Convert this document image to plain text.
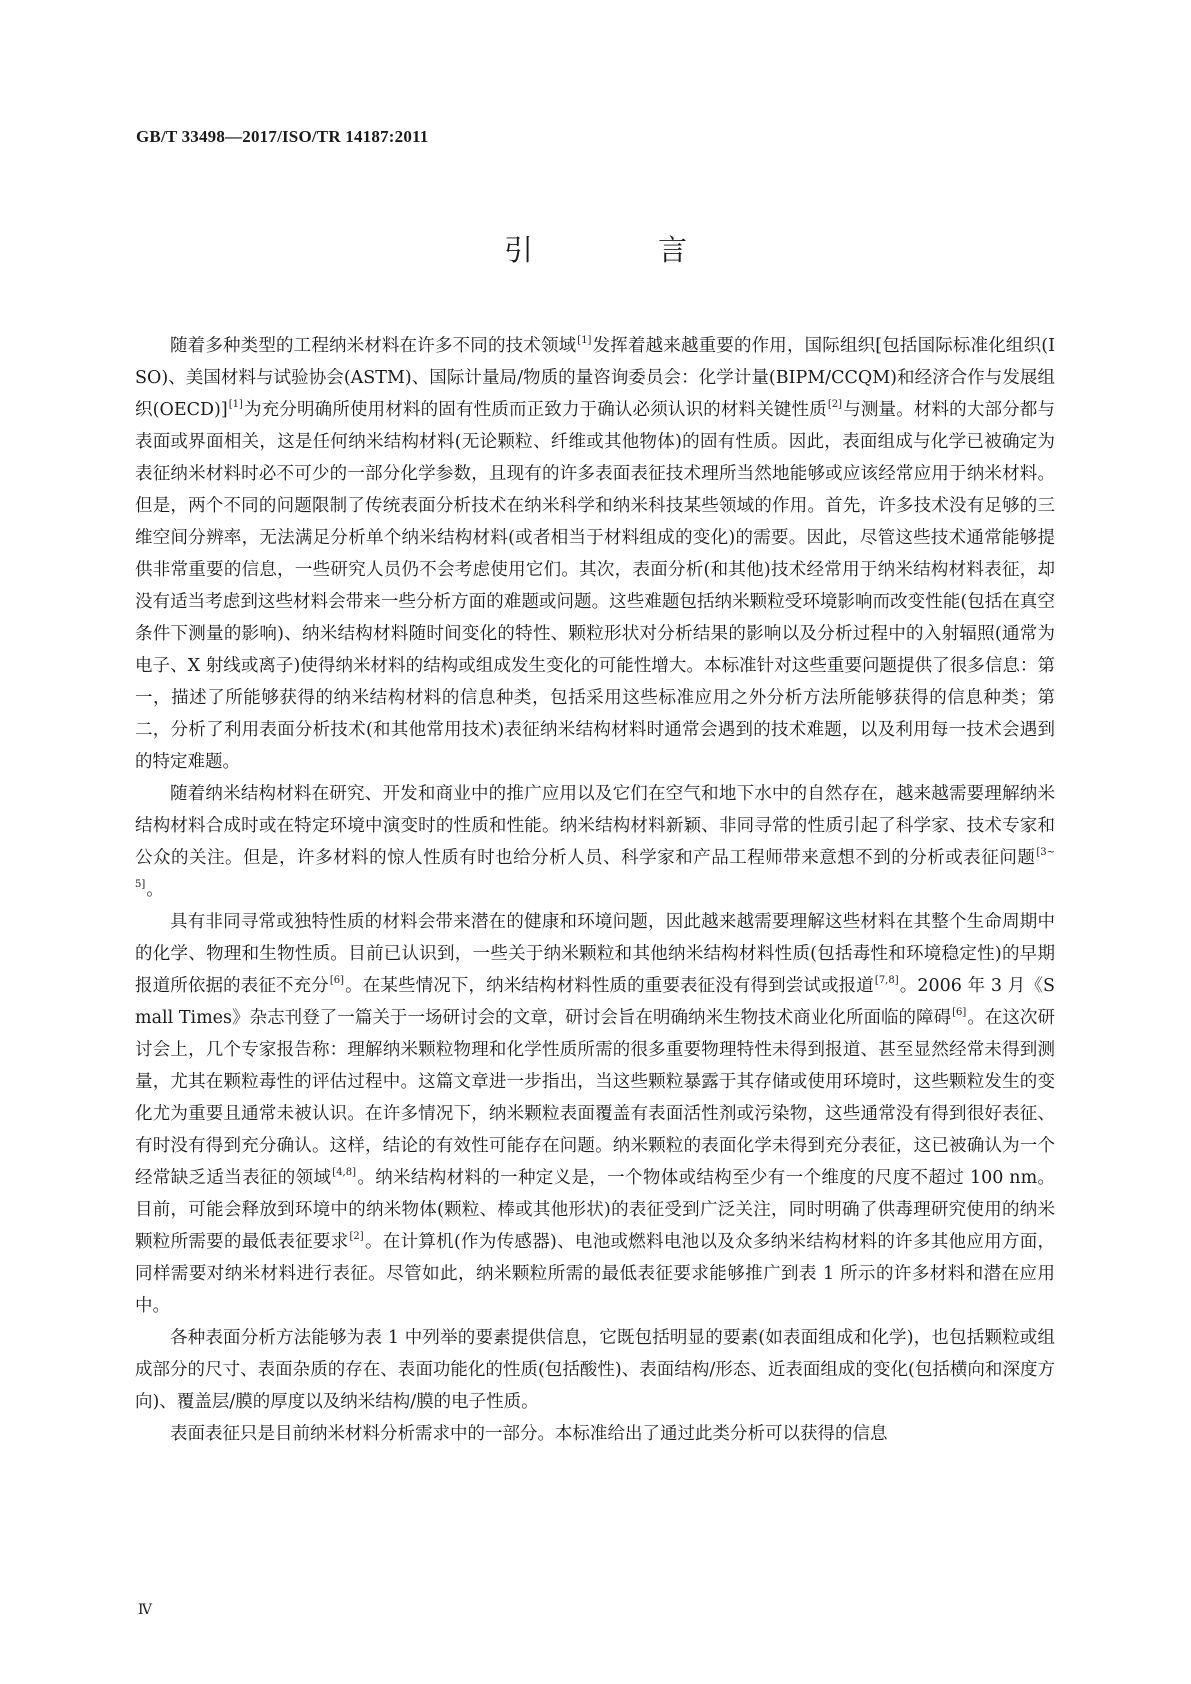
GB/T 33498—2017/ISO/TR 14187:2011
引　言

随着多种类型的工程纳米材料在许多不同的技术领域[1]发挥着越来越重要的作用，国际组织[包括国际标准化组织(ISO)、美国材料与试验协会(ASTM)、国际计量局/物质的量咨询委员会：化学计量(BIPM/CCQM)和经济合作与发展组织(OECD)][1]为充分明确所使用材料的固有性质而正致力于确认必须认识的材料关键性质[2]与测量。材料的大部分都与表面或界面相关，这是任何纳米结构材料(无论颗粒、纤维或其他物体)的固有性质。因此，表面组成与化学已被确定为表征纳米材料时必不可少的一部分化学参数，且现有的许多表面表征技术理所当然地能够或应该经常应用于纳米材料。但是，两个不同的问题限制了传统表面分析技术在纳米科学和纳米科技某些领域的作用。首先，许多技术没有足够的三维空间分辨率，无法满足分析单个纳米结构材料(或者相当于材料组成的变化)的需要。因此，尽管这些技术通常能够提供非常重要的信息，一些研究人员仍不会考虑使用它们。其次，表面分析(和其他)技术经常用于纳米结构材料表征，却没有适当考虑到这些材料会带来一些分析方面的难题或问题。这些难题包括纳米颗粒受环境影响而改变性能(包括在真空条件下测量的影响)、纳米结构材料随时间变化的特性、颗粒形状对分析结果的影响以及分析过程中的入射辐照(通常为电子、X 射线或离子)使得纳米材料的结构或组成发生变化的可能性增大。本标准针对这些重要问题提供了很多信息：第一，描述了所能够获得的纳米结构材料的信息种类，包括采用这些标准应用之外分析方法所能够获得的信息种类；第二，分析了利用表面分析技术(和其他常用技术)表征纳米结构材料时通常会遇到的技术难题，以及利用每一技术会遇到的特定难题。

随着纳米结构材料在研究、开发和商业中的推广应用以及它们在空气和地下水中的自然存在，越来越需要理解纳米结构材料合成时或在特定环境中演变时的性质和性能。纳米结构材料新颖、非同寻常的性质引起了科学家、技术专家和公众的关注。但是，许多材料的惊人性质有时也给分析人员、科学家和产品工程师带来意想不到的分析或表征问题[3~5]。

具有非同寻常或独特性质的材料会带来潜在的健康和环境问题，因此越来越需要理解这些材料在其整个生命周期中的化学、物理和生物性质。目前已认识到，一些关于纳米颗粒和其他纳米结构材料性质(包括毒性和环境稳定性)的早期报道所依据的表征不充分[6]。在某些情况下，纳米结构材料性质的重要表征没有得到尝试或报道[7,8]。2006 年 3 月《Small Times》杂志刊登了一篇关于一场研讨会的文章，研讨会旨在明确纳米生物技术商业化所面临的障碍[6]。在这次研讨会上，几个专家报告称：理解纳米颗粒物理和化学性质所需的很多重要物理特性未得到报道、甚至显然经常未得到测量，尤其在颗粒毒性的评估过程中。这篇文章进一步指出，当这些颗粒暴露于其存储或使用环境时，这些颗粒发生的变化尤为重要且通常未被认识。在许多情况下，纳米颗粒表面覆盖有表面活性剂或污染物，这些通常没有得到很好表征、有时没有得到充分确认。这样，结论的有效性可能存在问题。纳米颗粒的表面化学未得到充分表征，这已被确认为一个经常缺乏适当表征的领域[4,8]。纳米结构材料的一种定义是，一个物体或结构至少有一个维度的尺度不超过 100 nm。目前，可能会释放到环境中的纳米物体(颗粒、棒或其他形状)的表征受到广泛关注，同时明确了供毒理研究使用的纳米颗粒所需要的最低表征要求[2]。在计算机(作为传感器)、电池或燃料电池以及众多纳米结构材料的许多其他应用方面，同样需要对纳米材料进行表征。尽管如此，纳米颗粒所需的最低表征要求能够推广到表 1 所示的许多材料和潜在应用中。

各种表面分析方法能够为表 1 中列举的要素提供信息，它既包括明显的要素(如表面组成和化学)，也包括颗粒或组成部分的尺寸、表面杂质的存在、表面功能化的性质(包括酸性)、表面结构/形态、近表面组成的变化(包括横向和深度方向)、覆盖层/膜的厚度以及纳米结构/膜的电子性质。

表面表征只是目前纳米材料分析需求中的一部分。本标准给出了通过此类分析可以获得的信息

Ⅳ
